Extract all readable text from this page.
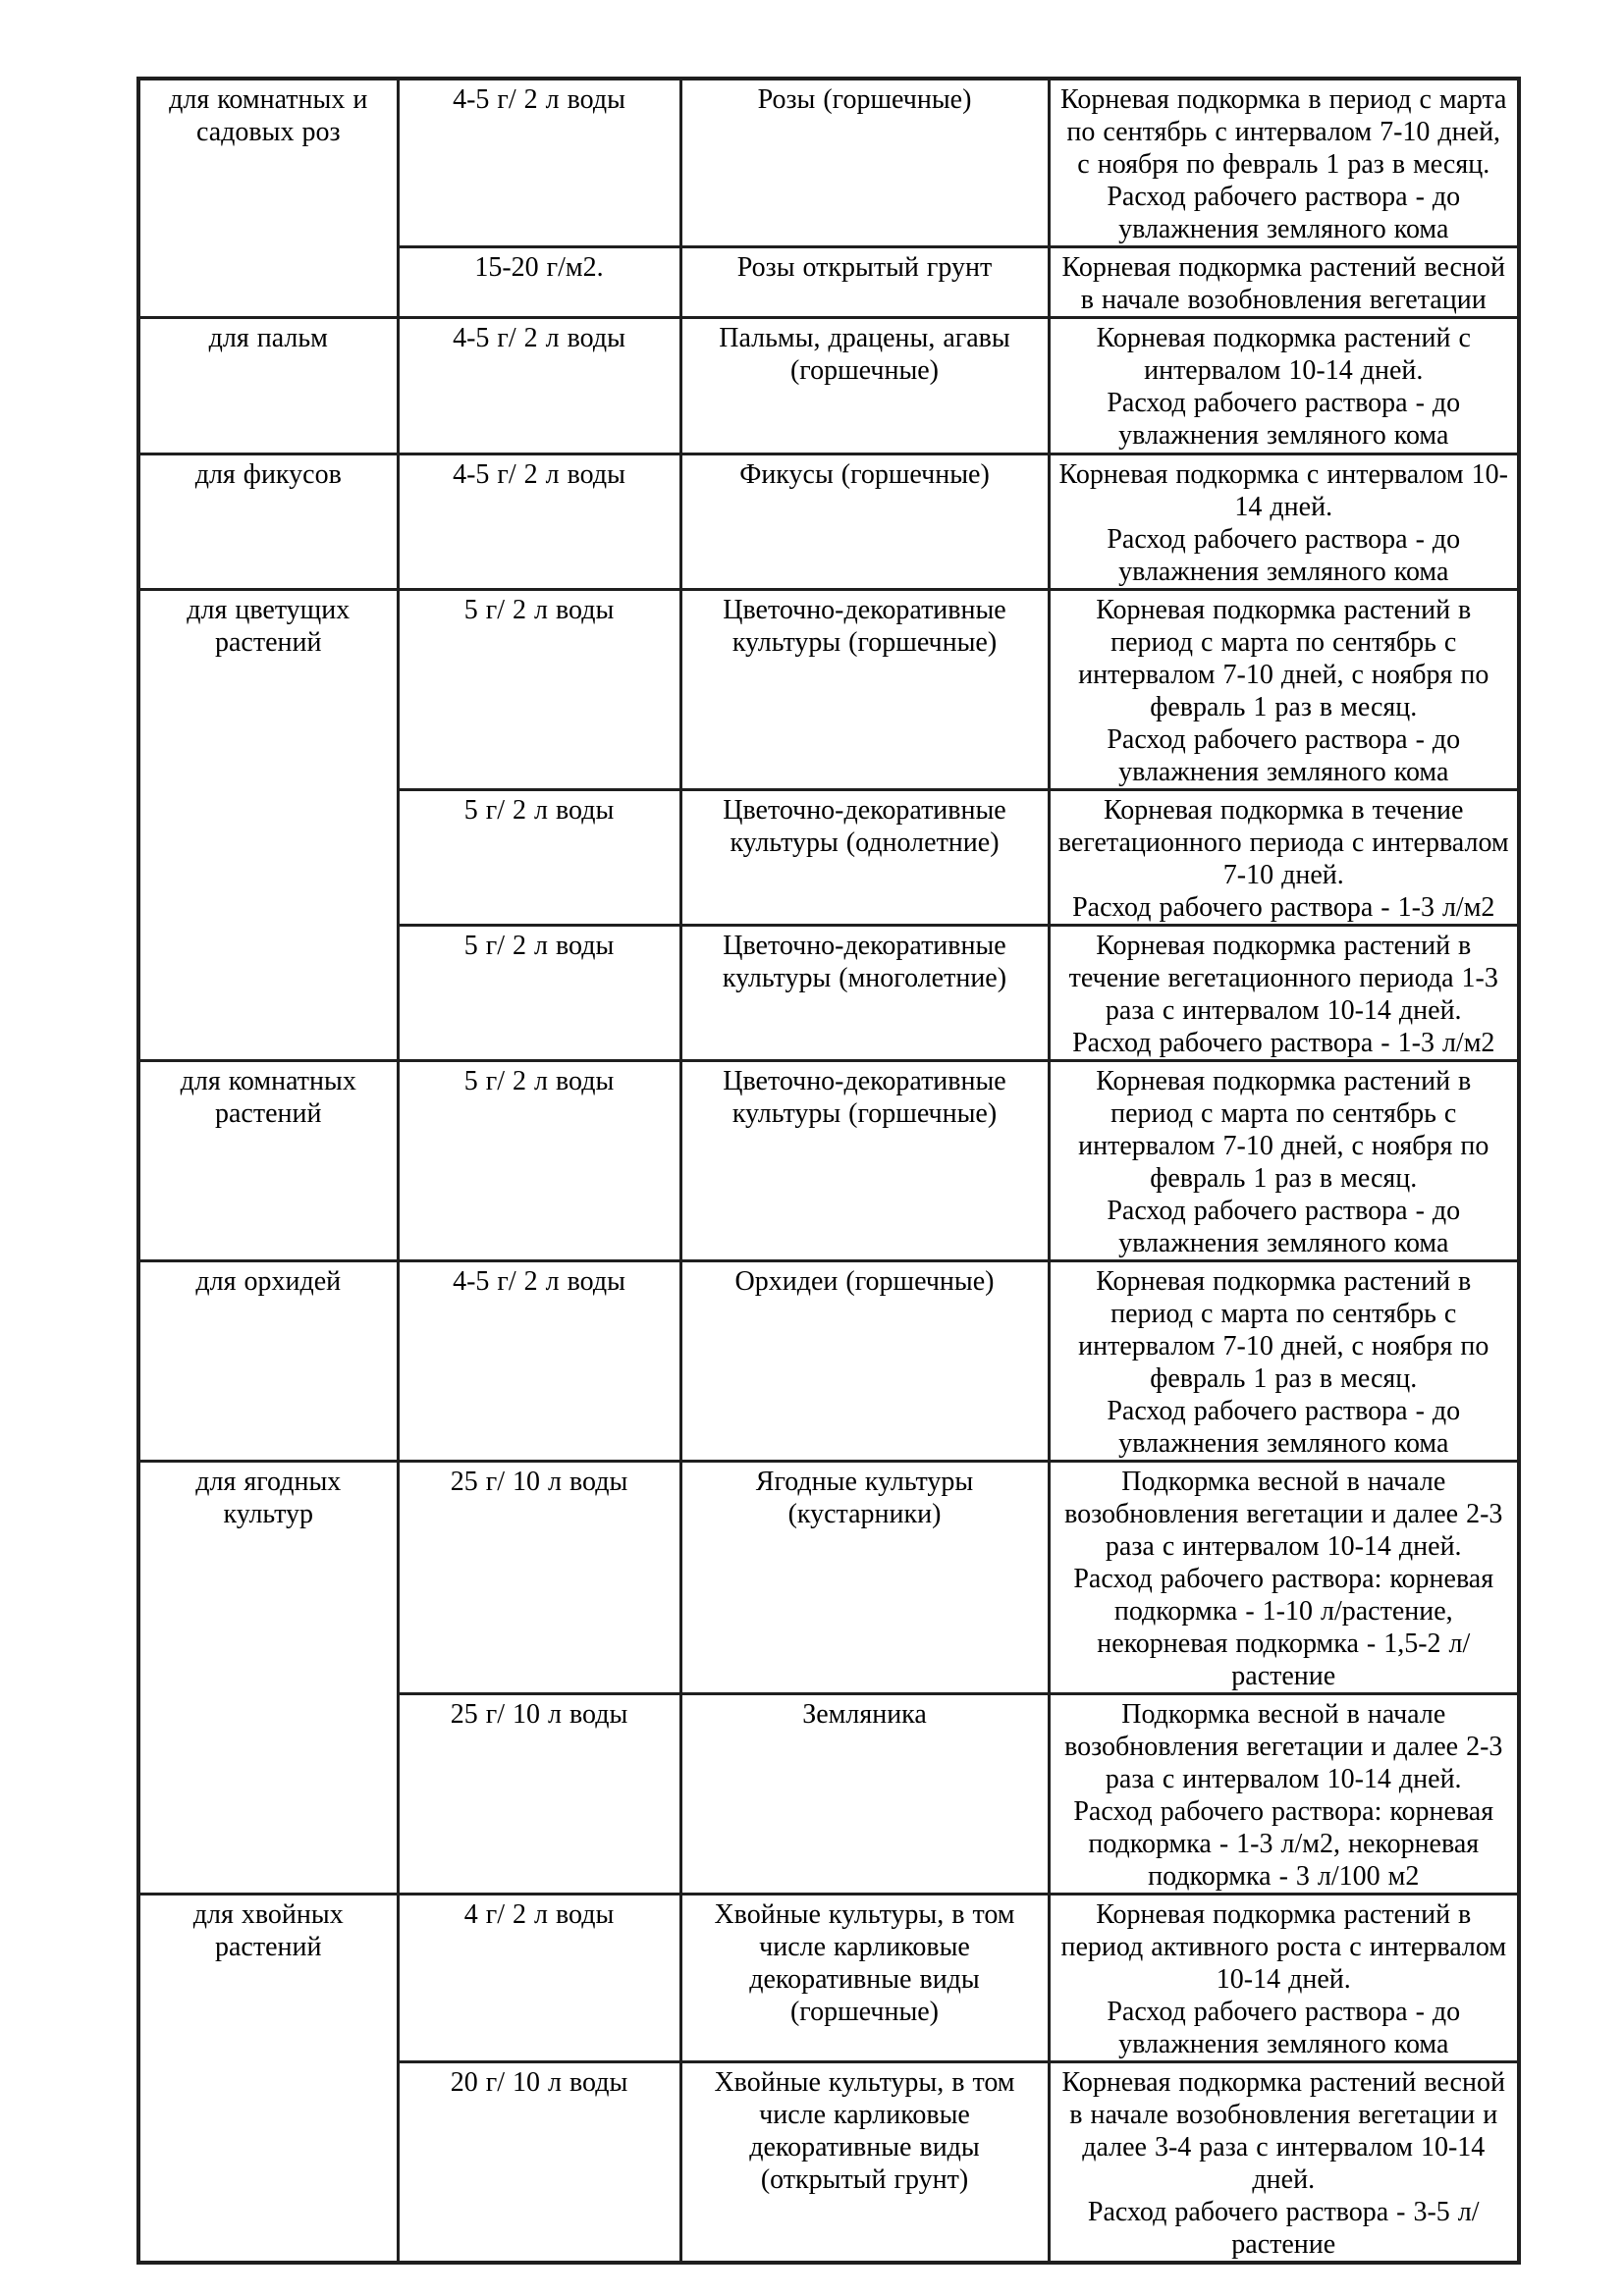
для комнатных и садовых роз	4-5 г/ 2 л воды	Розы (горшечные)	Корневая подкормка в период с марта по сентябрь с интервалом 7-10 дней, с ноября по февраль 1 раз в месяц.
Расход рабочего раствора - до увлажнения земляного кома

	15-20 г/м2.	Розы открытый грунт	Корневая подкормка растений весной в начале возобновления вегетации

для пальм	4-5 г/ 2 л воды	Пальмы, драцены, агавы (горшечные)	Корневая подкормка растений с интервалом 10-14 дней.
Расход рабочего раствора - до увлажнения земляного кома

для фикусов	4-5 г/ 2 л воды	Фикусы (горшечные)	Корневая подкормка с интервалом 10-14 дней.
Расход рабочего раствора - до увлажнения земляного кома

для цветущих растений	5 г/ 2 л воды	Цветочно-декоративные культуры (горшечные)	Корневая подкормка растений в период с марта по сентябрь с интервалом 7-10 дней, с ноября по февраль 1 раз в месяц.
Расход рабочего раствора - до увлажнения земляного кома

	5 г/ 2 л воды	Цветочно-декоративные культуры (однолетние)	Корневая подкормка в течение вегетационного периода с интервалом 7-10 дней.
Расход рабочего раствора - 1-3 л/м2

	5 г/ 2 л воды	Цветочно-декоративные культуры (многолетние)	Корневая подкормка растений в течение вегетационного периода 1-3 раза с интервалом 10-14 дней.
Расход рабочего раствора - 1-3 л/м2

для комнатных растений	5 г/ 2 л воды	Цветочно-декоративные культуры (горшечные)	Корневая подкормка растений в период с марта по сентябрь с интервалом 7-10 дней, с ноября по февраль 1 раз в месяц.
Расход рабочего раствора - до увлажнения земляного кома

для орхидей	4-5 г/ 2 л воды	Орхидеи (горшечные)	Корневая подкормка растений в период с марта по сентябрь с интервалом 7-10 дней, с ноября по февраль 1 раз в месяц.
Расход рабочего раствора - до увлажнения земляного кома

для ягодных культур	25 г/ 10 л воды	Ягодные культуры (кустарники)	Подкормка весной в начале возобновления вегетации и далее 2-3 раза с интервалом 10-14 дней.
Расход рабочего раствора: корневая подкормка - 1-10 л/растение, некорневая подкормка - 1,5-2 л/растение

	25 г/ 10 л воды	Земляника	Подкормка весной в начале возобновления вегетации и далее 2-3 раза с интервалом 10-14 дней.
Расход рабочего раствора: корневая подкормка - 1-3 л/м2, некорневая подкормка - 3 л/100 м2

для хвойных растений	4 г/ 2 л воды	Хвойные культуры, в том числе карликовые декоративные виды (горшечные)	Корневая подкормка растений в период активного роста с интервалом 10-14 дней.
Расход рабочего раствора - до увлажнения земляного кома

	20 г/ 10 л воды	Хвойные культуры, в том числе карликовые декоративные виды (открытый грунт)	Корневая подкормка растений весной в начале возобновления вегетации и далее 3-4 раза с интервалом 10-14 дней.
Расход рабочего раствора - 3-5 л/растение
